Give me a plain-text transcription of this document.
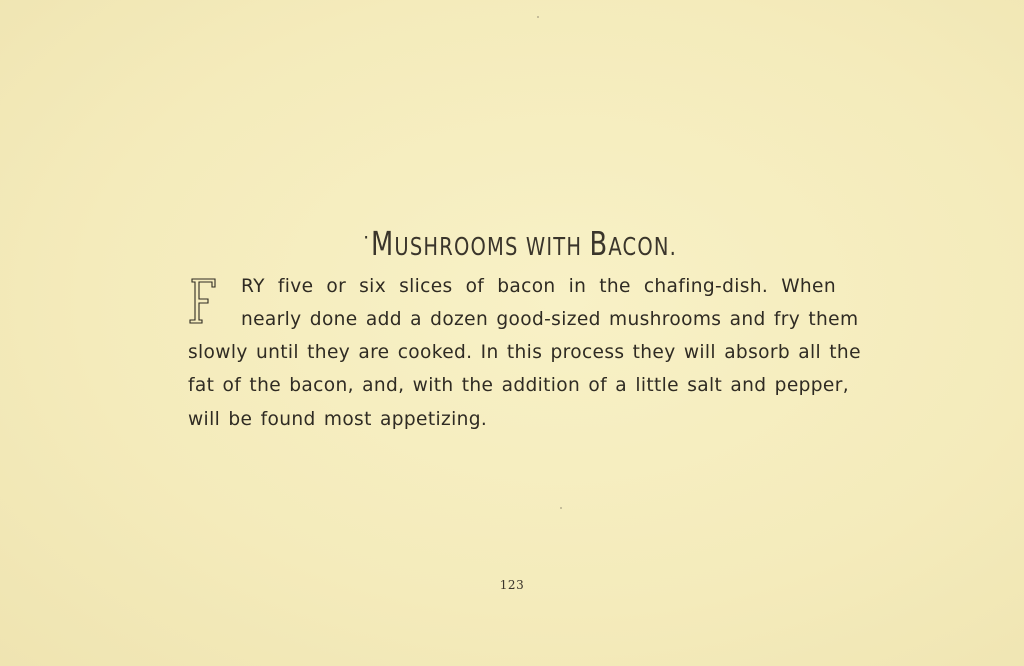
˙MUSHROOMS WITH BACON.
RY five or six slices of bacon in the chafing-dish. When
nearly done add a dozen good-sized mushrooms and fry them
slowly until they are cooked. In this process they will absorb all the
fat of the bacon, and, with the addition of a little salt and pepper,
will be found most appetizing.
123
